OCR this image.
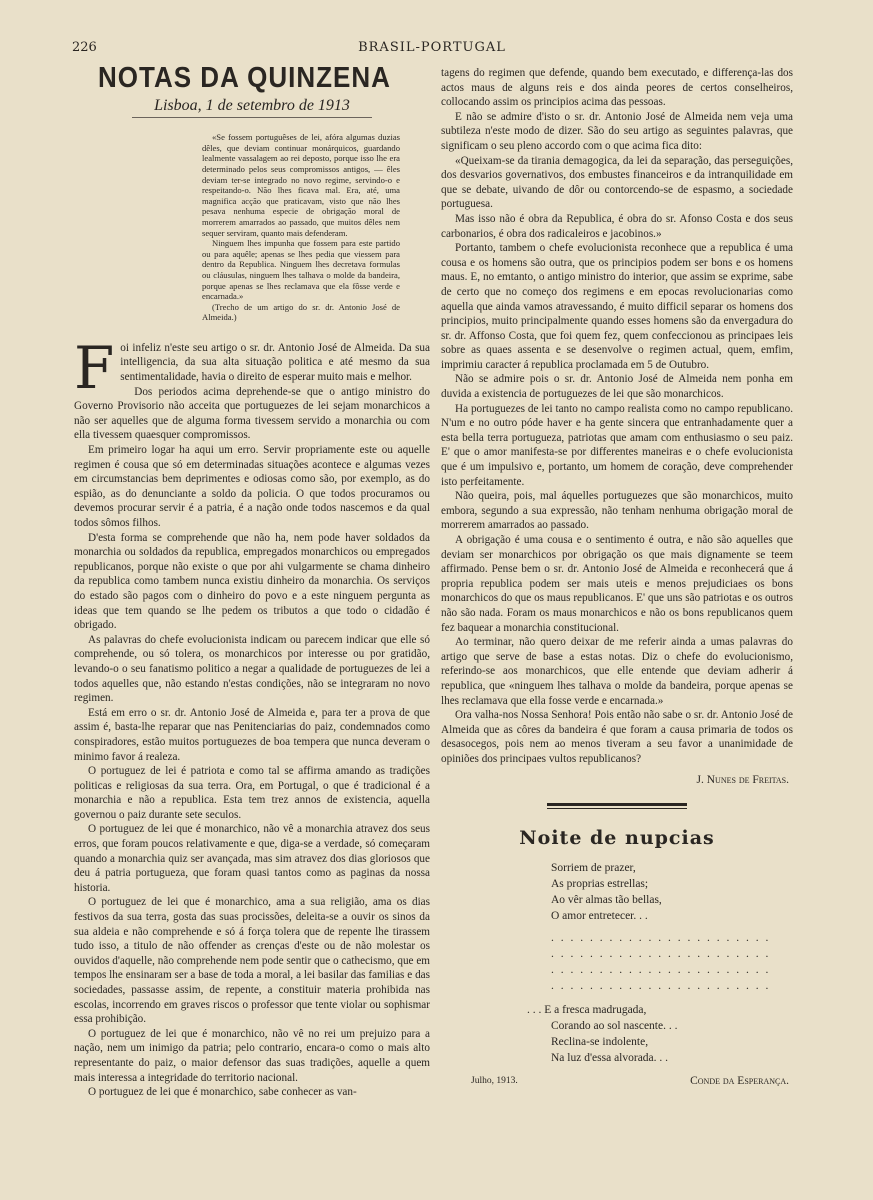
226	BRASIL-PORTUGAL
NOTAS DA QUINZENA
Lisboa, 1 de setembro de 1913

«Se fossem portuguêses de lei, afóra algumas duzias dêles, que deviam continuar monárquicos, guardando lealmente vassalagem ao rei deposto, porque isso lhe era determinado pelos seus compromissos antigos, — êles deviam ter-se integrado no novo regime, servindo-o e respeitando-o. Não lhes ficava mal. Era, até, uma magnifica acção que praticavam, visto que não lhes pesava nenhuma especie de obrigação moral de morrerem amarrados ao passado, que muitos dêles nem sequer serviram, quanto mais defenderam.

Ninguem lhes impunha que fossem para este partido ou para aquêle; apenas se lhes pedia que viessem para dentro da Republica. Ninguem lhes decretava formulas ou cláusulas, ninguem lhes talhava o molde da bandeira, porque apenas se lhes reclamava que ela fôsse verde e encarnada.»

(Trecho de um artigo do sr. dr. Antonio José de Almeida.)

Foi infeliz n'este seu artigo o sr. dr. Antonio José de Almeida. Da sua intelligencia, da sua alta situação politica e até mesmo da sua sentimentalidade, havia o direito de esperar muito mais e melhor.

Dos periodos acima deprehende-se que o antigo ministro do Governo Provisorio não acceita que portuguezes de lei sejam monarchicos a não ser aquelles que de alguma forma tivessem servido a monarchia ou com ella tivessem quaesquer compromissos.

Em primeiro logar ha aqui um erro. Servir propriamente este ou aquelle regimen é cousa que só em determinadas situações acontece e algumas vezes em circumstancias bem deprimentes e odiosas como são, por exemplo, as do espião, as do denunciante a soldo da policia. O que todos procuramos ou devemos procurar servir é a patria, é a nação onde todos nascemos e da qual todos sômos filhos.

D'esta forma se comprehende que não ha, nem pode haver soldados da monarchia ou soldados da republica, empregados monarchicos ou empregados republicanos, porque não existe o que por ahi vulgarmente se chama dinheiro da republica como tambem nunca existiu dinheiro da monarchia. Os serviços do estado são pagos com o dinheiro do povo e a este ninguem pergunta as ideas que tem quando se lhe pedem os tributos a que todo o cidadão é obrigado.

As palavras do chefe evolucionista indicam ou parecem indicar que elle só comprehende, ou só tolera, os monarchicos por interesse ou por gratidão, levando-o o seu fanatismo politico a negar a qualidade de portuguezes de lei a todos aquelles que, não estando n'estas condições, não se integraram no novo regimen.

Está em erro o sr. dr. Antonio José de Almeida e, para ter a prova de que assim é, basta-lhe reparar que nas Penitenciarias do paiz, condemnados como conspiradores, estão muitos portuguezes de boa tempera que nunca deveram o minimo favor á realeza.

O portuguez de lei é patriota e como tal se affirma amando as tradições politicas e religiosas da sua terra. Ora, em Portugal, o que é tradicional é a monarchia e não a republica. Esta tem trez annos de existencia, aquella governou o paiz durante sete seculos.

O portuguez de lei que é monarchico, não vê a monarchia atravez dos seus erros, que foram poucos relativamente e que, diga-se a verdade, só começaram quando a monarchia quiz ser avançada, mas sim atravez dos dias gloriosos que deu á patria portugueza, que foram quasi tantos como as paginas da nossa historia.

O portuguez de lei que é monarchico, ama a sua religião, ama os dias festivos da sua terra, gosta das suas procissões, deleita-se a ouvir os sinos da sua aldeia e não comprehende e só á força tolera que de repente lhe tirassem tudo isso, a titulo de não offender as crenças d'este ou de não molestar os ouvidos d'aquelle, não comprehende nem pode sentir que o cathecismo, que em tempos lhe ensinaram ser a base de toda a moral, a lei basilar das familias e das sociedades, passasse assim, de repente, a constituir materia prohibida nas escolas, incorrendo em graves riscos o professor que tente violar ou sophismar essa prohibição.

O portuguez de lei que é monarchico, não vê no rei um prejuizo para a nação, nem um inimigo da patria; pelo contrario, encara-o como o mais alto representante do paiz, o maior defensor das suas tradições, aquelle a quem mais interessa a integridade do territorio nacional.

O portuguez de lei que é monarchico, sabe conhecer as van-

tagens do regimen que defende, quando bem executado, e differença-las dos actos maus de alguns reis e dos ainda peores de certos conselheiros, collocando assim os principios acima das pessoas.

E não se admire d'isto o sr. dr. Antonio José de Almeida nem veja uma subtileza n'este modo de dizer. São do seu artigo as seguintes palavras, que significam o seu pleno accordo com o que acima fica dito:

«Queixam-se da tirania demagogica, da lei da separação, das perseguições, dos desvarios governativos, dos embustes financeiros e da intranquilidade em que se debate, uivando de dôr ou contorcendo-se de espasmo, a sociedade portuguesa.

Mas isso não é obra da Republica, é obra do sr. Afonso Costa e dos seus carbonarios, é obra dos radicaleiros e jacobinos.»

Portanto, tambem o chefe evolucionista reconhece que a republica é uma cousa e os homens são outra, que os principios podem ser bons e os homens maus. E, no emtanto, o antigo ministro do interior, que assim se exprime, sabe de certo que no começo dos regimens e em epocas revolucionarias como aquella que ainda vamos atravessando, é muito difficil separar os homens dos principios, muito principalmente quando esses homens são da envergadura do sr. dr. Affonso Costa, que foi quem fez, quem confeccionou as principaes leis sobre as quaes assenta e se desenvolve o regimen actual, quem, emfim, imprimiu caracter á republica proclamada em 5 de Outubro.

Não se admire pois o sr. dr. Antonio José de Almeida nem ponha em duvida a existencia de portuguezes de lei que são monarchicos.

Ha portuguezes de lei tanto no campo realista como no campo republicano. N'um e no outro póde haver e ha gente sincera que entranhadamente quer a esta bella terra portugueza, patriotas que amam com enthusiasmo o seu paiz. E' que o amor manifesta-se por differentes maneiras e o chefe evolucionista que é um impulsivo e, portanto, um homem de coração, deve comprehender isto perfeitamente.

Não queira, pois, mal áquelles portuguezes que são monarchicos, muito embora, segundo a sua expressão, não tenham nenhuma obrigação moral de morrerem amarrados ao passado.

A obrigação é uma cousa e o sentimento é outra, e não são aquelles que deviam ser monarchicos por obrigação os que mais dignamente se teem affirmado. Pense bem o sr. dr. Antonio José de Almeida e reconhecerá que á propria republica podem ser mais uteis e menos prejudiciaes os bons monarchicos do que os maus republicanos. E' que uns são patriotas e os outros não são nada. Foram os maus monarchicos e não os bons republicanos quem fez baquear a monarchia constitucional.

Ao terminar, não quero deixar de me referir ainda a umas palavras do artigo que serve de base a estas notas. Diz o chefe do evolucionismo, referindo-se aos monarchicos, que elle entende que deviam adherir á republica, que «ninguem lhes talhava o molde da bandeira, porque apenas se lhes reclamava que ella fosse verde e encarnada.»

Ora valha-nos Nossa Senhora! Pois então não sabe o sr. dr. Antonio José de Almeida que as côres da bandeira é que foram a causa primaria de todos os desasocegos, pois nem ao menos tiveram a seu favor a unanimidade de opiniões dos principaes vultos republicanos?

J. Nunes de Freitas.
Noite de nupcias
Sorriem de prazer,
As proprias estrellas;
Ao vêr almas tão bellas,
O amor entretecer. . .
. . . . . . . . . . . . . . . . . . . . . . .
. . . . . . . . . . . . . . . . . . . . . . .
. . . . . . . . . . . . . . . . . . . . . . .
. . . . . . . . . . . . . . . . . . . . . . .
. . . E a fresca madrugada,
Corando ao sol nascente. . .
Reclina-se indolente,
Na luz d'essa alvorada. . .
Julho, 1913.	Conde da Esperança.
